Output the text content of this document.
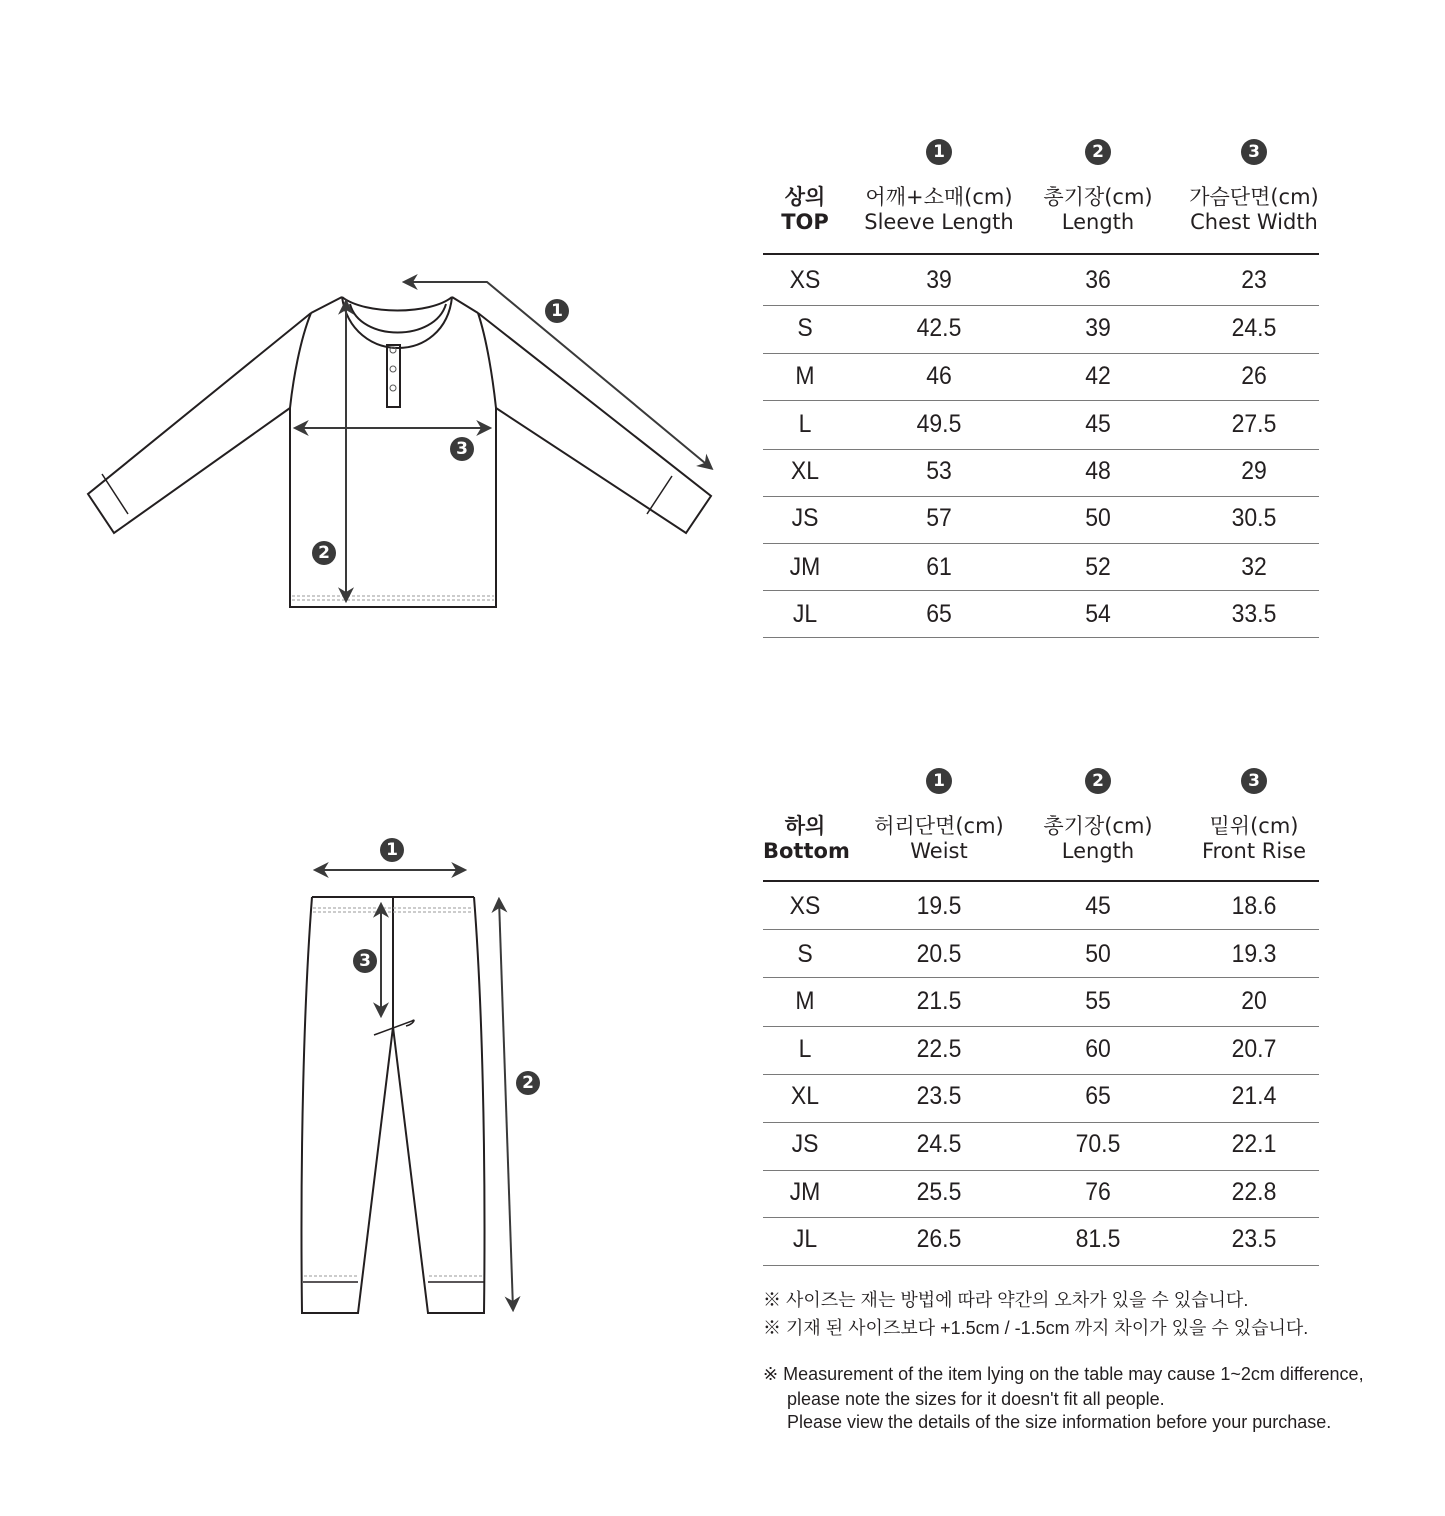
1
2
3
1
2
3
상의
TOP
1
어깨+소매(cm)
Sleeve Length
2
총기장(cm)
Length
3
가슴단면(cm)
Chest Width
XS	39	36	23
S	42.5	39	24.5
M	46	42	26
L	49.5	45	27.5
XL	53	48	29
JS	57	50	30.5
JM	61	52	32
JL	65	54	33.5
하의
Bottom
1
허리단면(cm)
Weist
2
총기장(cm)
Length
3
밑위(cm)
Front Rise
XS	19.5	45	18.6
S	20.5	50	19.3
M	21.5	55	20
L	22.5	60	20.7
XL	23.5	65	21.4
JS	24.5	70.5	22.1
JM	25.5	76	22.8
JL	26.5	81.5	23.5
※ 사이즈는 재는 방법에 따라 약간의 오차가 있을 수 있습니다.
※ 기재 된 사이즈보다 +1.5cm / -1.5cm 까지 차이가 있을 수 있습니다.
※ Measurement of the item lying on the table may cause 1~2cm difference,
please note the sizes for it doesn't fit all people.
Please view the details of the size information before your purchase.
